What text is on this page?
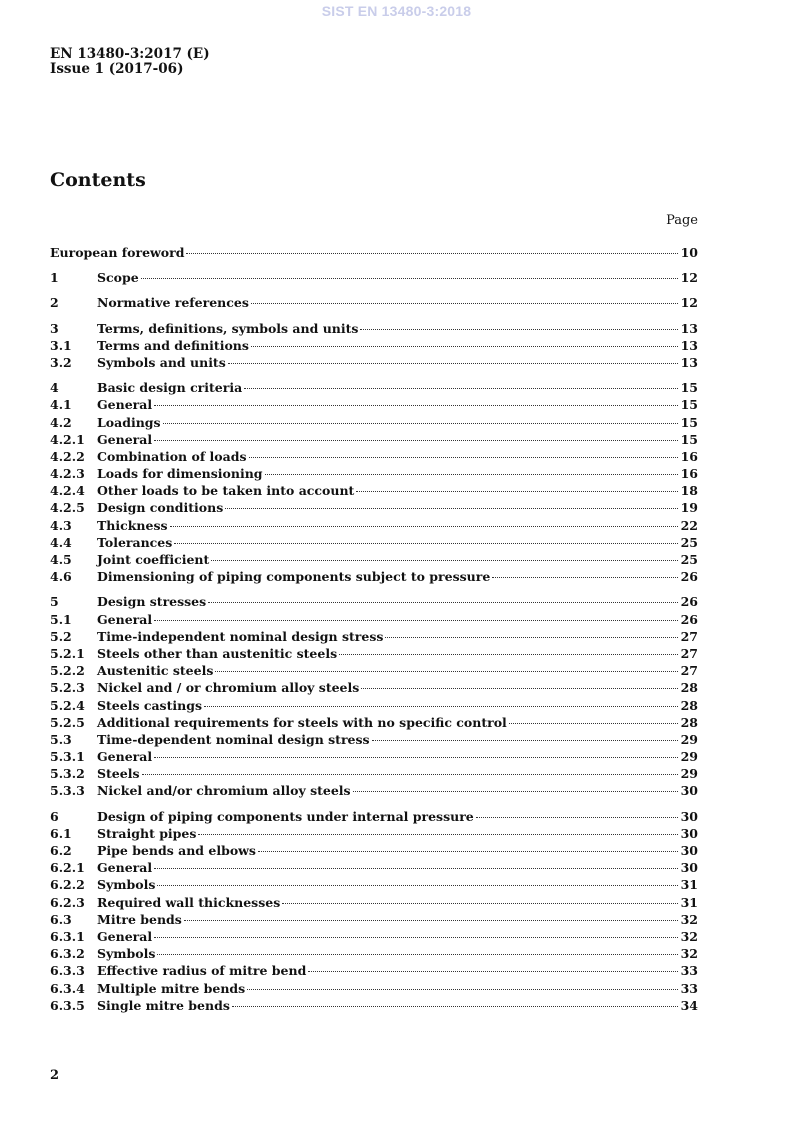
SIST EN 13480-3:2018
EN 13480-3:2017 (E)
Issue 1 (2017-06)
Contents
Page
European foreword	10
1	Scope	12
2	Normative references	12
3	Terms, definitions, symbols and units	13
3.1	Terms and definitions	13
3.2	Symbols and units	13
4	Basic design criteria	15
4.1	General	15
4.2	Loadings	15
4.2.1 General	15
4.2.2 Combination of loads	16
4.2.3 Loads for dimensioning	16
4.2.4 Other loads to be taken into account	18
4.2.5 Design conditions	19
4.3	Thickness	22
4.4	Tolerances	25
4.5	Joint coefficient	25
4.6	Dimensioning of piping components subject to pressure	26
5	Design stresses	26
5.1	General	26
5.2	Time-independent nominal design stress	27
5.2.1 Steels other than austenitic steels	27
5.2.2 Austenitic steels	27
5.2.3 Nickel and / or chromium alloy steels	28
5.2.4 Steels castings	28
5.2.5 Additional requirements for steels with no specific control	28
5.3	Time-dependent nominal design stress	29
5.3.1 General	29
5.3.2 Steels	29
5.3.3 Nickel and/or chromium alloy steels	30
6	Design of piping components under internal pressure	30
6.1	Straight pipes	30
6.2	Pipe bends and elbows	30
6.2.1 General	30
6.2.2 Symbols	31
6.2.3 Required wall thicknesses	31
6.3	Mitre bends	32
6.3.1 General	32
6.3.2 Symbols	32
6.3.3 Effective radius of mitre bend	33
6.3.4 Multiple mitre bends	33
6.3.5 Single mitre bends	34
2
